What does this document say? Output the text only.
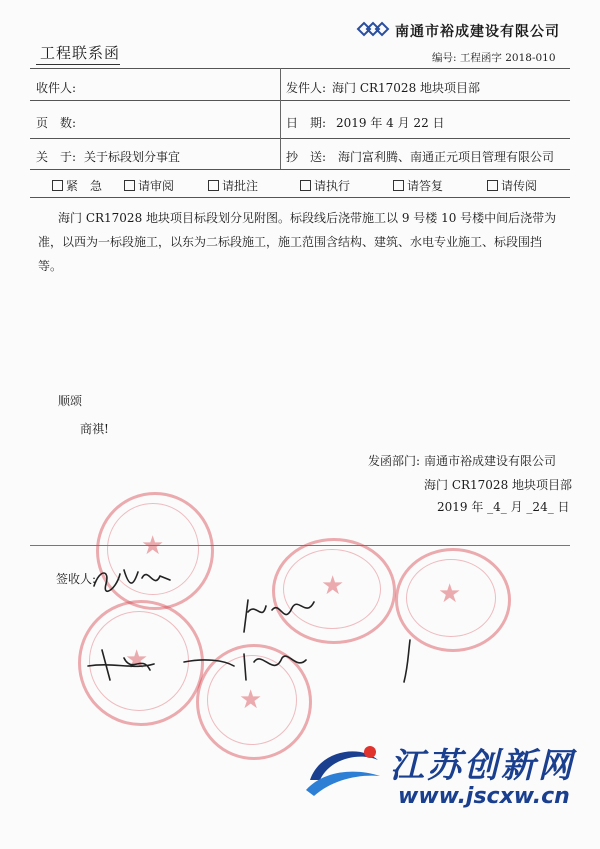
南通市裕成建设有限公司
工程联系函	编号: 工程函字 2018-010
收件人:	发件人: 海门 CR17028 地块项目部
页　数:	日　期: 2019 年 4 月 22 日
关　于: 关于标段划分事宜	抄　送: 海门富利腾、南通正元项目管理有限公司
紧　急	请审阅	请批注	请执行	请答复	请传阅
海门 CR17028 地块项目标段划分见附图。标段线后浇带施工以 9 号楼 10 号楼中间后浇带为准，以西为一标段施工，以东为二标段施工，施工范围含结构、建筑、水电专业施工、标段围挡等。
顺颂
商祺!
发函部门: 南通市裕成建设有限公司
海门 CR17028 地块项目部
2019 年 _4_ 月 _24_ 日
★
★	★
★
★
签收人:
江苏创新网
www.jscxw.cn
